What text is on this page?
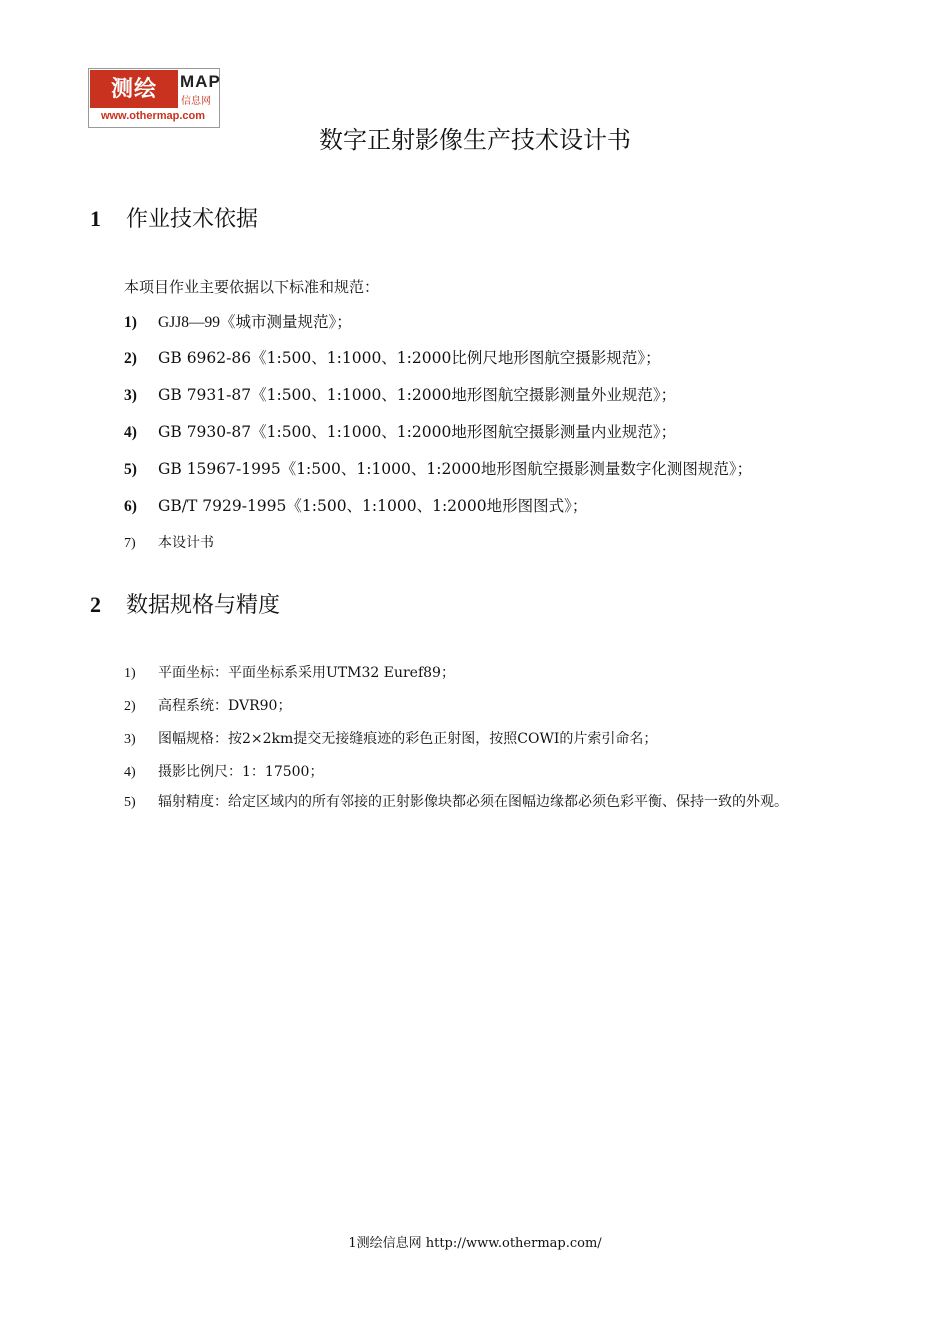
测绘	MAP
信息网
www.othermap.com
数字正射影像生产技术设计书
1 作业技术依据
本项目作业主要依据以下标准和规范：
1) GJJ8—99《城市测量规范》；
2) GB 6962-86《1:500、1:1000、1:2000比例尺地形图航空摄影规范》；
3) GB 7931-87《1:500、1:1000、1:2000地形图航空摄影测量外业规范》；
4) GB 7930-87《1:500、1:1000、1:2000地形图航空摄影测量内业规范》；
5) GB 15967-1995《1:500、1:1000、1:2000地形图航空摄影测量数字化测图规范》；
6) GB/T 7929-1995《1:500、1:1000、1:2000地形图图式》；
7) 本设计书
2 数据规格与精度
1) 平面坐标：平面坐标系采用UTM32 Euref89；
2) 高程系统：DVR90；
3) 图幅规格：按2×2km提交无接缝痕迹的彩色正射图，按照COWI的片索引命名；
4) 摄影比例尺：1：17500；
5) 辐射精度：给定区域内的所有邻接的正射影像块都必须在图幅边缘都必须色彩平衡、保持一致的外观。
1测绘信息网 http://www.othermap.com/
